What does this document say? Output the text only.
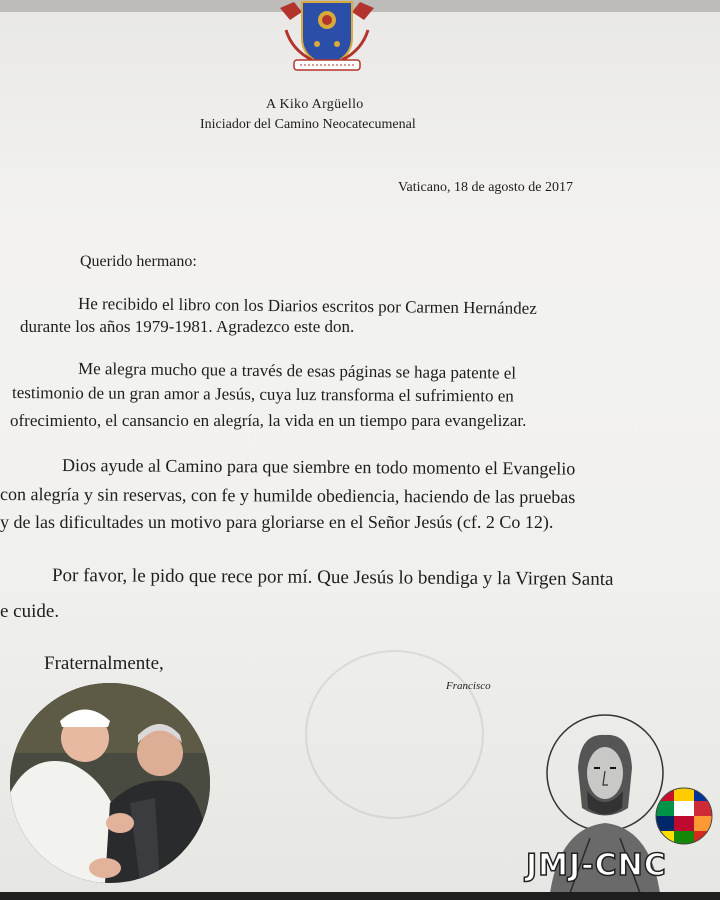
A Kiko Argüello
Iniciador del Camino Neocatecumenal
Vaticano, 18 de agosto de 2017
Querido hermano:
He recibido el libro con los Diarios escritos por Carmen Hernández
durante los años 1979-1981. Agradezco este don.
Me alegra mucho que a través de esas páginas se haga patente el
testimonio de un gran amor a Jesús, cuya luz transforma el sufrimiento en
ofrecimiento, el cansancio en alegría, la vida en un tiempo para evangelizar.
Dios ayude al Camino para que siembre en todo momento el Evangelio
con alegría y sin reservas, con fe y humilde obediencia, haciendo de las pruebas
y de las dificultades un motivo para gloriarse en el Señor Jesús (cf. 2 Co 12).
Por favor, le pido que rece por mí. Que Jesús lo bendiga y la Virgen Santa
e cuide.
Fraternalmente,
Francisco
JMJ-CNC
